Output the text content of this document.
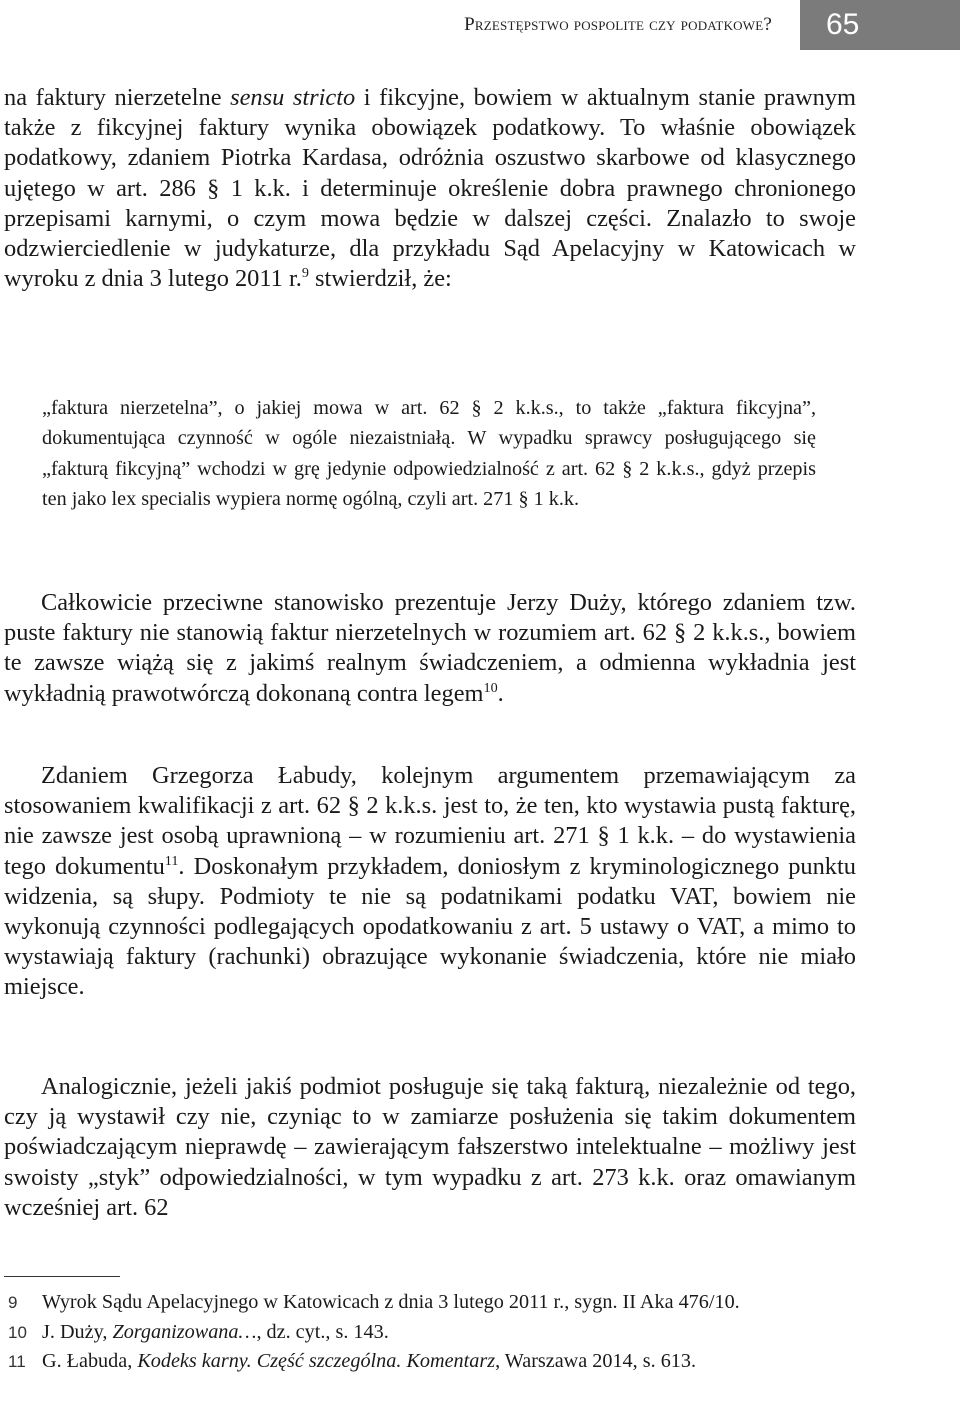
Przestępstwo pospolite czy podatkowe?	65

na faktury nierzetelne sensu stricto i fikcyjne, bowiem w aktualnym stanie prawnym także z fikcyjnej faktury wynika obowiązek podatkowy. To właśnie obowiązek podatkowy, zdaniem Piotrka Kardasa, odróżnia oszustwo skarbowe od klasycznego ujętego w art. 286 § 1 k.k. i determinuje określenie dobra prawnego chronionego przepisami karnymi, o czym mowa będzie w dalszej części. Znalazło to swoje odzwierciedlenie w judykaturze, dla przykładu Sąd Apelacyjny w Katowicach w wyroku z dnia 3 lutego 2011 r.$^9$ stwierdził, że:

„faktura nierzetelna”, o jakiej mowa w art. 62 § 2 k.k.s., to także „faktura fikcyjna”, dokumentująca czynność w ogóle niezaistniałą. W wypadku sprawcy posługującego się „fakturą fikcyjną” wchodzi w grę jedynie odpowiedzialność z art. 62 § 2 k.k.s., gdyż przepis ten jako lex specialis wypiera normę ogólną, czyli art. 271 § 1 k.k.

Całkowicie przeciwne stanowisko prezentuje Jerzy Duży, którego zdaniem tzw. puste faktury nie stanowią faktur nierzetelnych w rozumiem art. 62 § 2 k.k.s., bowiem te zawsze wiążą się z jakimś realnym świadczeniem, a odmienna wykładnia jest wykładnią prawotwórczą dokonaną contra legem$^{10}$.

Zdaniem Grzegorza Łabudy, kolejnym argumentem przemawiającym za stosowaniem kwalifikacji z art. 62 § 2 k.k.s. jest to, że ten, kto wystawia pustą fakturę, nie zawsze jest osobą uprawnioną – w rozumieniu art. 271 § 1 k.k. – do wystawienia tego dokumentu$^{11}$. Doskonałym przykładem, doniosłym z kryminologicznego punktu widzenia, są słupy. Podmioty te nie są podatnikami podatku VAT, bowiem nie wykonują czynności podlegających opodatkowaniu z art. 5 ustawy o VAT, a mimo to wystawiają faktury (rachunki) obrazujące wykonanie świadczenia, które nie miało miejsce.

Analogicznie, jeżeli jakiś podmiot posługuje się taką fakturą, niezależnie od tego, czy ją wystawił czy nie, czyniąc to w zamiarze posłużenia się takim dokumentem poświadczającym nieprawdę – zawierającym fałszerstwo intelektualne – możliwy jest swoisty „styk” odpowiedzialności, w tym wypadku z art. 273 k.k. oraz omawianym wcześniej art. 62

9 Wyrok Sądu Apelacyjnego w Katowicach z dnia 3 lutego 2011 r., sygn. II Aka 476/10.

10 J. Duży, Zorganizowana…, dz. cyt., s. 143.

11 G. Łabuda, Kodeks karny. Część szczególna. Komentarz, Warszawa 2014, s. 613.
